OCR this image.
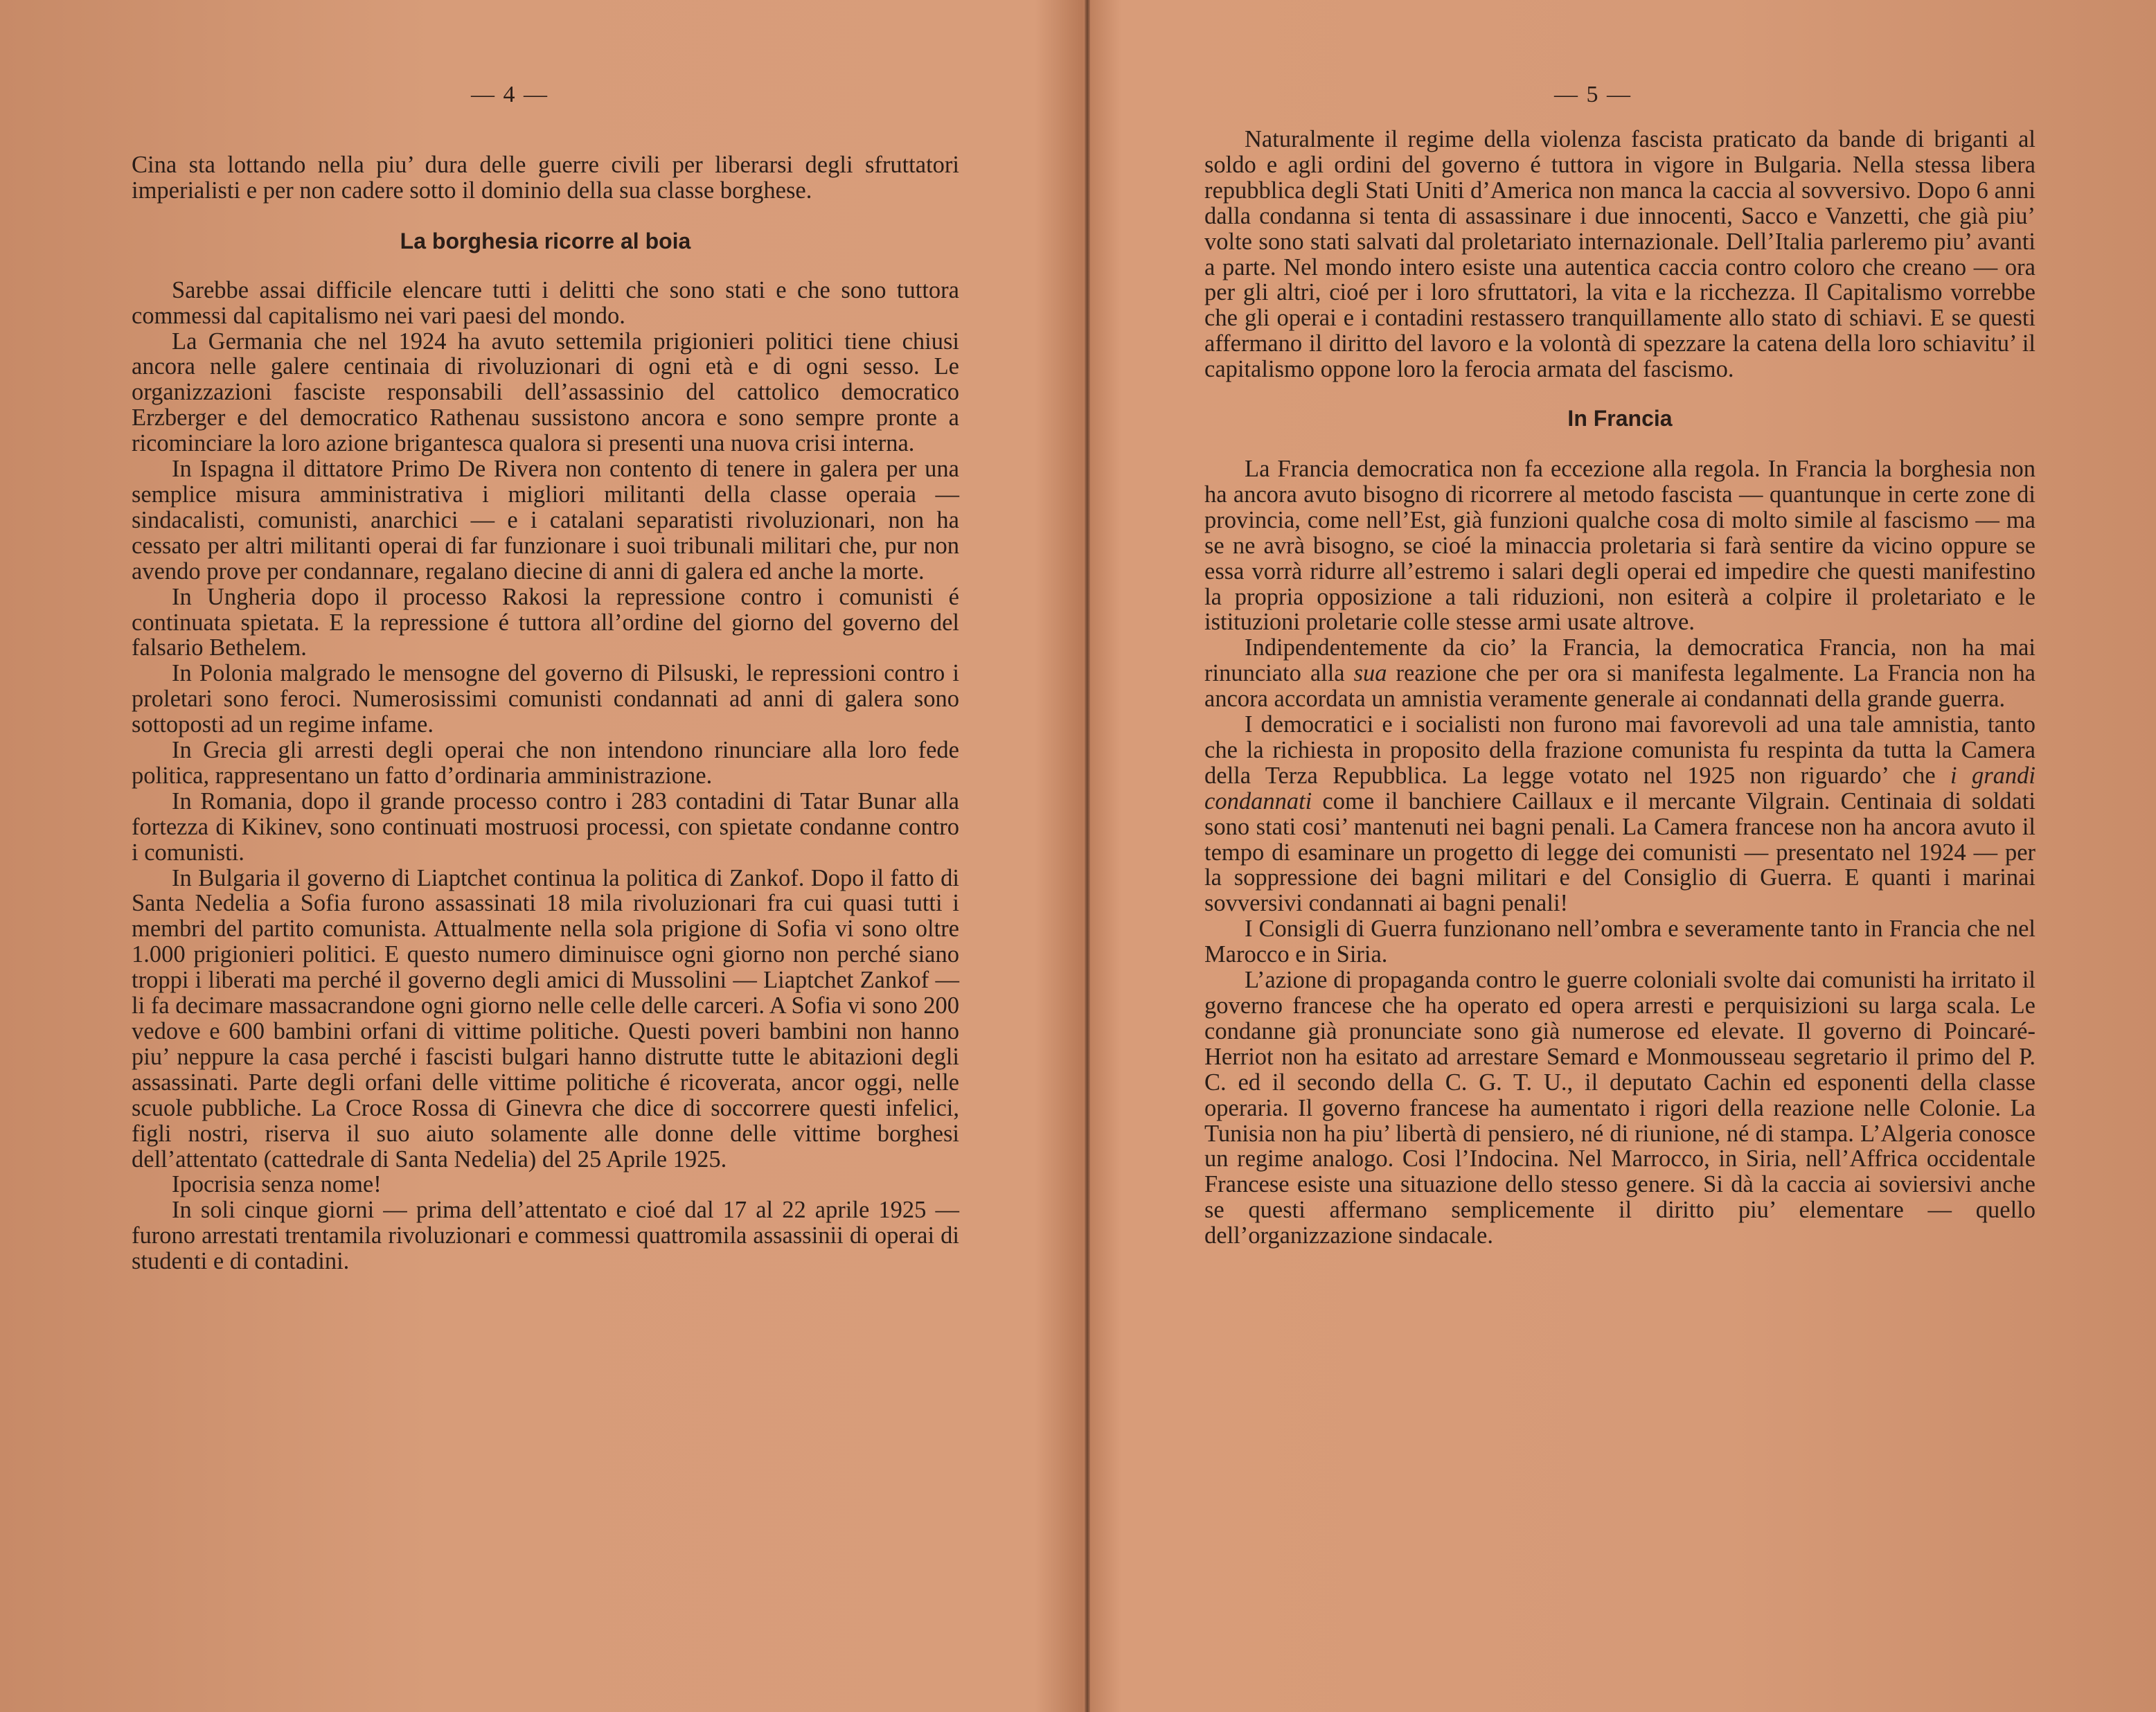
— 4 —

Cina sta lottando nella piu’ dura delle guerre civili per liberarsi degli sfruttatori imperialisti e per non cadere sotto il dominio della sua classe borghese.

La borghesia ricorre al boia

Sarebbe assai difficile elencare tutti i delitti che sono stati e che sono tuttora commessi dal capitalismo nei vari paesi del mondo.

La Germania che nel 1924 ha avuto settemila prigionieri politici tiene chiusi ancora nelle galere centinaia di rivoluzionari di ogni età e di ogni sesso. Le organizzazioni fasciste responsabili dell’assassinio del cattolico democratico Erzberger e del democratico Rathenau sussistono ancora e sono sempre pronte a ricominciare la loro azione brigantesca qualora si presenti una nuova crisi interna.

In Ispagna il dittatore Primo De Rivera non contento di tenere in galera per una semplice misura amministrativa i migliori militanti della classe operaia — sindacalisti, comunisti, anarchici — e i catalani separatisti rivoluzionari, non ha cessato per altri militanti operai di far funzionare i suoi tribunali militari che, pur non avendo prove per condannare, regalano diecine di anni di galera ed anche la morte.

In Ungheria dopo il processo Rakosi la repressione contro i comunisti é continuata spietata. E la repressione é tuttora all’ordine del giorno del governo del falsario Bethelem.

In Polonia malgrado le mensogne del governo di Pilsuski, le repressioni contro i proletari sono feroci. Numerosissimi comunisti condannati ad anni di galera sono sottoposti ad un regime infame.

In Grecia gli arresti degli operai che non intendono rinunciare alla loro fede politica, rappresentano un fatto d’ordinaria amministrazione.

In Romania, dopo il grande processo contro i 283 contadini di Tatar Bunar alla fortezza di Kikinev, sono continuati mostruosi processi, con spietate condanne contro i comunisti.

In Bulgaria il governo di Liaptchet continua la politica di Zankof. Dopo il fatto di Santa Nedelia a Sofia furono assassinati 18 mila rivoluzionari fra cui quasi tutti i membri del partito comunista. Attualmente nella sola prigione di Sofia vi sono oltre 1.000 prigionieri politici. E questo numero diminuisce ogni giorno non perché siano troppi i liberati ma perché il governo degli amici di Mussolini — Liaptchet Zankof — li fa decimare massacrandone ogni giorno nelle celle delle carceri. A Sofia vi sono 200 vedove e 600 bambini orfani di vittime politiche. Questi poveri bambini non hanno piu’ neppure la casa perché i fascisti bulgari hanno distrutte tutte le abitazioni degli assassinati. Parte degli orfani delle vittime politiche é ricoverata, ancor oggi, nelle scuole pubbliche. La Croce Rossa di Ginevra che dice di soccorrere questi infelici, figli nostri, riserva il suo aiuto solamente alle donne delle vittime borghesi dell’attentato (cattedrale di Santa Nedelia) del 25 Aprile 1925.

Ipocrisia senza nome!

In soli cinque giorni — prima dell’attentato e cioé dal 17 al 22 aprile 1925 — furono arrestati trentamila rivoluzionari e commessi quattromila assassinii di operai di studenti e di contadini.

— 5 —

Naturalmente il regime della violenza fascista praticato da bande di briganti al soldo e agli ordini del governo é tuttora in vigore in Bulgaria. Nella stessa libera repubblica degli Stati Uniti d’America non manca la caccia al sovversivo. Dopo 6 anni dalla condanna si tenta di assassinare i due innocenti, Sacco e Vanzetti, che già piu’ volte sono stati salvati dal proletariato internazionale. Dell’Italia parleremo piu’ avanti a parte. Nel mondo intero esiste una autentica caccia contro coloro che creano — ora per gli altri, cioé per i loro sfruttatori, la vita e la ricchezza. Il Capitalismo vorrebbe che gli operai e i contadini restassero tranquillamente allo stato di schiavi. E se questi affermano il diritto del lavoro e la volontà di spezzare la catena della loro schiavitu’ il capitalismo oppone loro la ferocia armata del fascismo.

In Francia

La Francia democratica non fa eccezione alla regola. In Francia la borghesia non ha ancora avuto bisogno di ricorrere al metodo fascista — quantunque in certe zone di provincia, come nell’Est, già funzioni qualche cosa di molto simile al fascismo — ma se ne avrà bisogno, se cioé la minaccia proletaria si farà sentire da vicino oppure se essa vorrà ridurre all’estremo i salari degli operai ed impedire che questi manifestino la propria opposizione a tali riduzioni, non esiterà a colpire il proletariato e le istituzioni proletarie colle stesse armi usate altrove.

Indipendentemente da cio’ la Francia, la democratica Francia, non ha mai rinunciato alla sua reazione che per ora si manifesta legalmente. La Francia non ha ancora accordata un amnistia veramente generale ai condannati della grande guerra.

I democratici e i socialisti non furono mai favorevoli ad una tale amnistia, tanto che la richiesta in proposito della frazione comunista fu respinta da tutta la Camera della Terza Repubblica. La legge votato nel 1925 non riguardo’ che i grandi condannati come il banchiere Caillaux e il mercante Vilgrain. Centinaia di soldati sono stati cosi’ mantenuti nei bagni penali. La Camera francese non ha ancora avuto il tempo di esaminare un progetto di legge dei comunisti — presentato nel 1924 — per la soppressione dei bagni militari e del Consiglio di Guerra. E quanti i marinai sovversivi condannati ai bagni penali!

I Consigli di Guerra funzionano nell’ombra e severamente tanto in Francia che nel Marocco e in Siria.

L’azione di propaganda contro le guerre coloniali svolte dai comunisti ha irritato il governo francese che ha operato ed opera arresti e perquisizioni su larga scala. Le condanne già pronunciate sono già numerose ed elevate. Il governo di Poincaré-Herriot non ha esitato ad arrestare Semard e Monmousseau segretario il primo del P. C. ed il secondo della C. G. T. U., il deputato Cachin ed esponenti della classe operaria. Il governo francese ha aumentato i rigori della reazione nelle Colonie. La Tunisia non ha piu’ libertà di pensiero, né di riunione, né di stampa. L’Algeria conosce un regime analogo. Cosi l’Indocina. Nel Marrocco, in Siria, nell’Affrica occidentale Francese esiste una situazione dello stesso genere. Si dà la caccia ai soviersivi anche se questi affermano semplicemente il diritto piu’ elementare — quello dell’organizzazione sindacale.
